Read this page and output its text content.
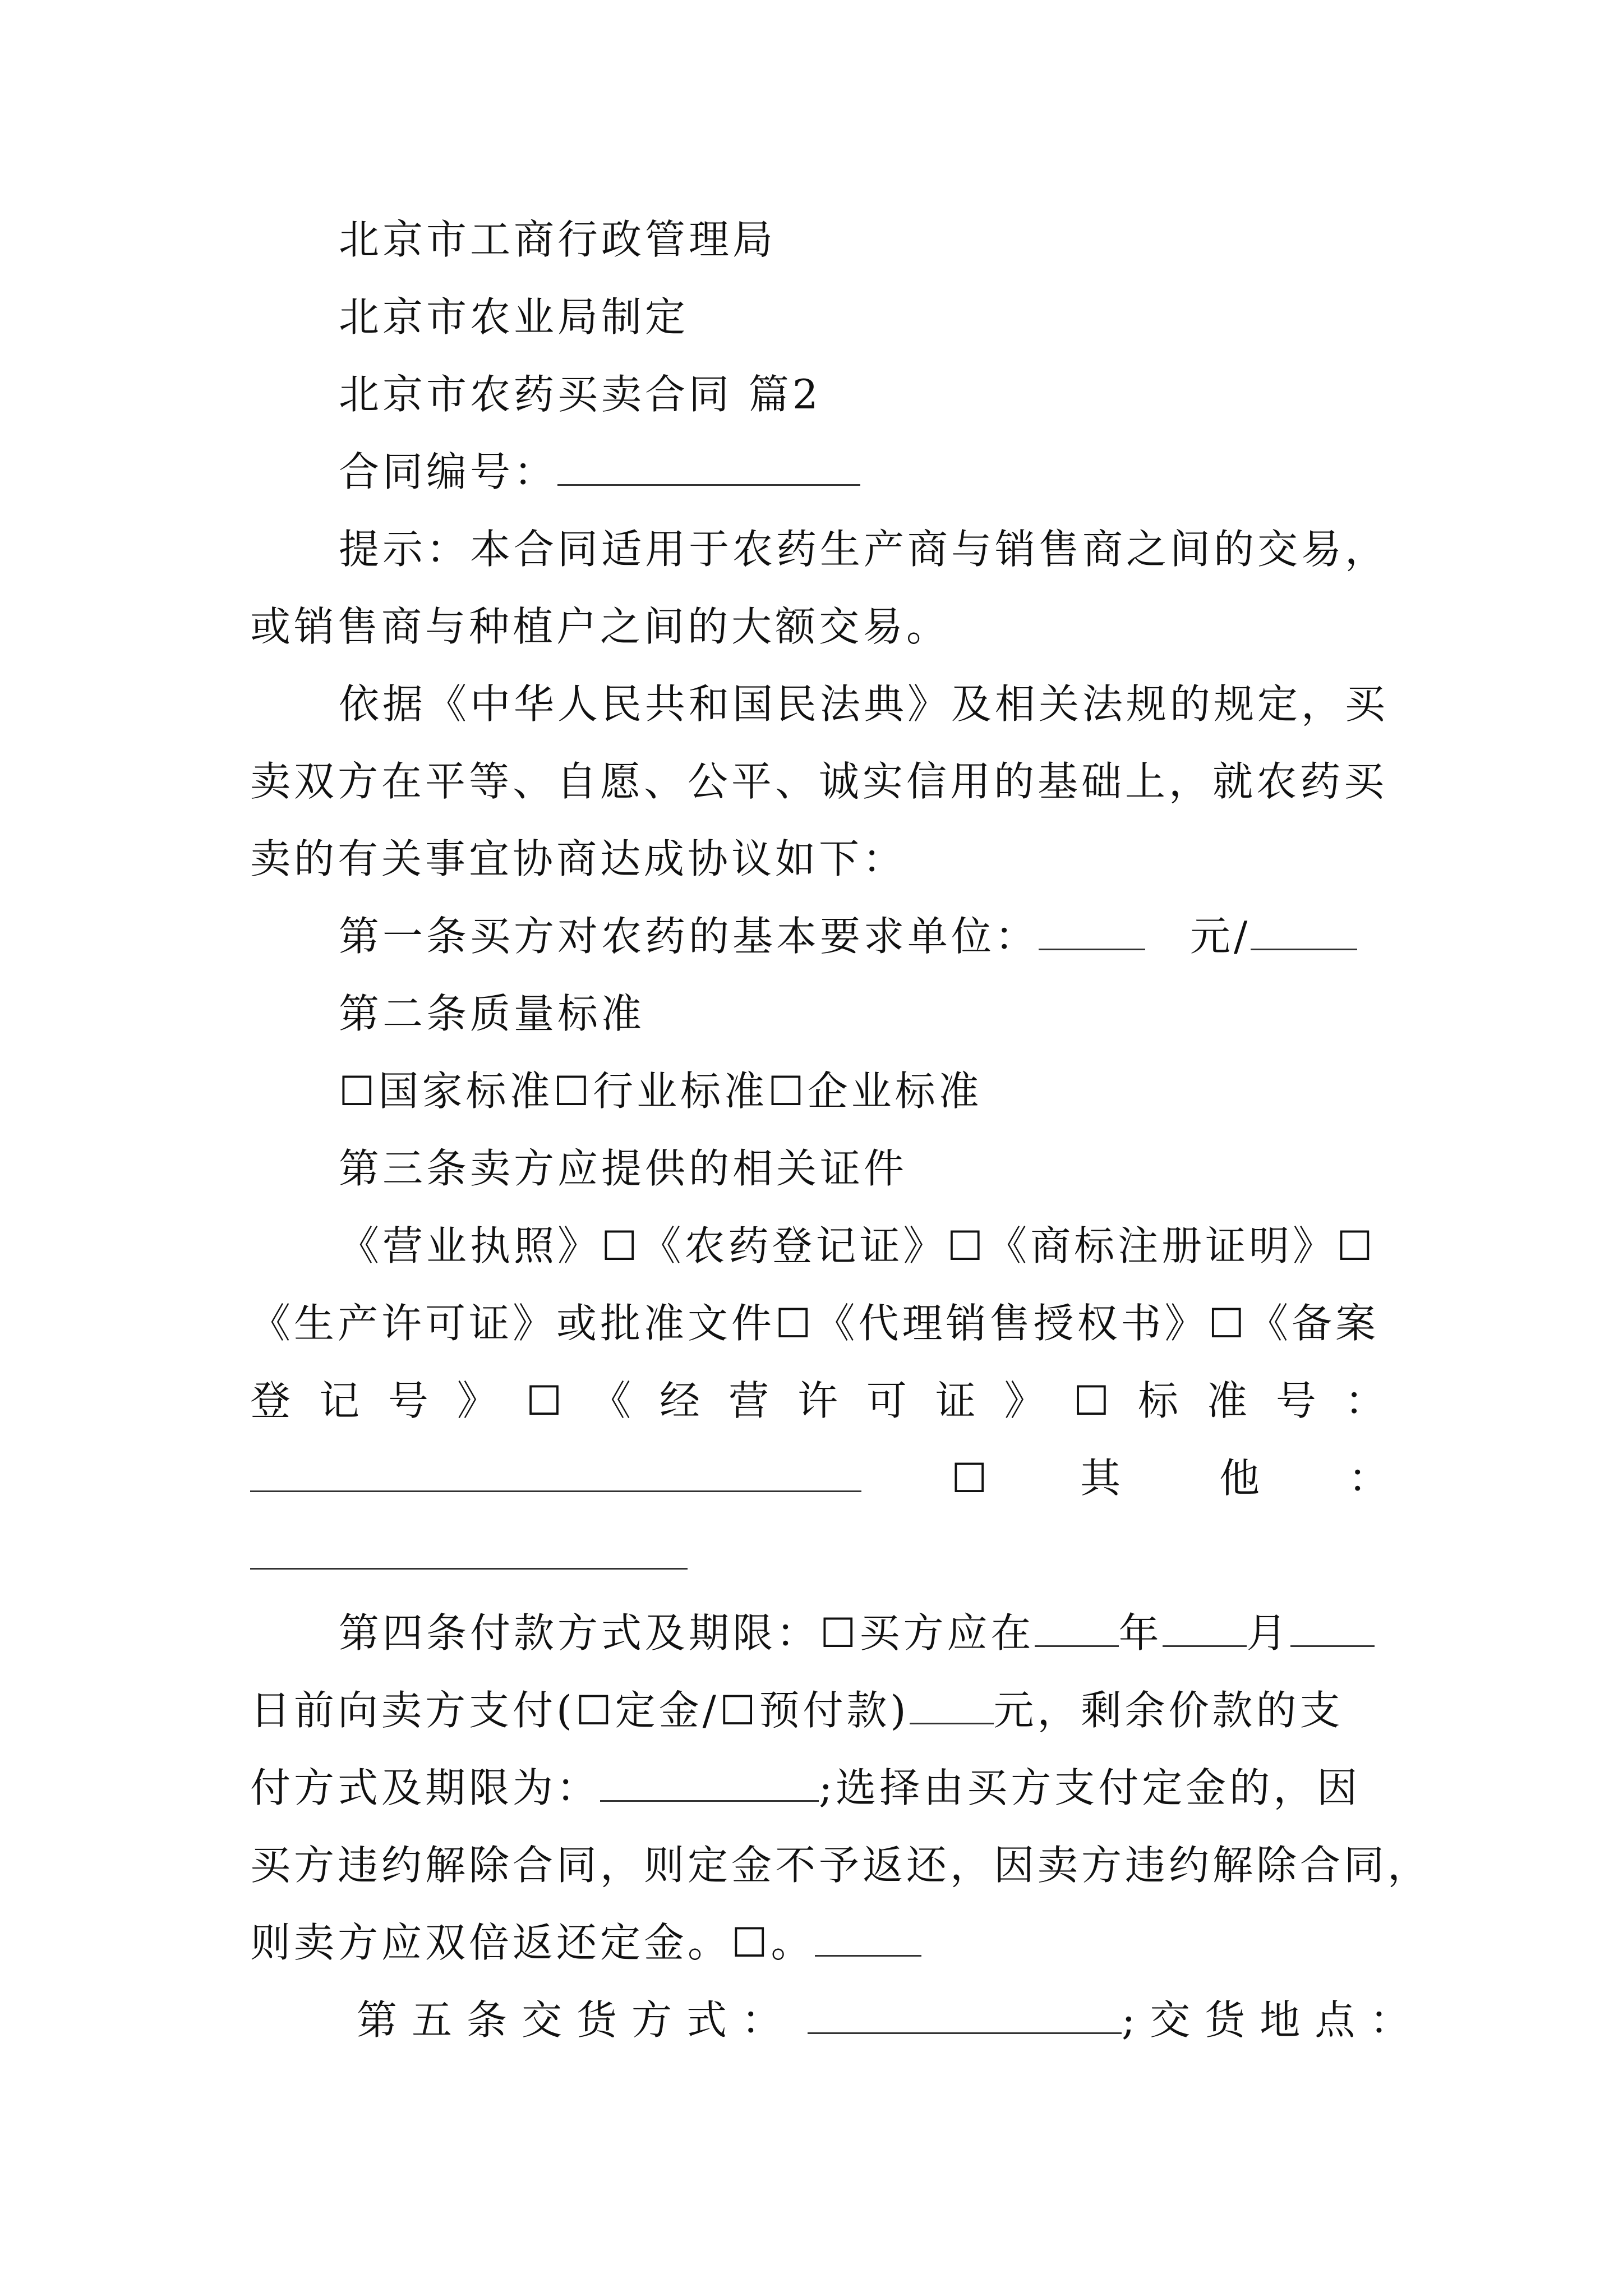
北京市工商行政管理局
北京市农业局制定
北京市农药买卖合同 篇2
合同编号：
提示：本合同适用于农药生产商与销售商之间的交易，
或销售商与种植户之间的大额交易。
依据《中华人民共和国民法典》及相关法规的规定，买
卖双方在平等、自愿、公平、诚实信用的基础上，就农药买
卖的有关事宜协商达成协议如下：
第一条买方对农药的基本要求单位：	元/
第二条质量标准
☐国家标准☐行业标准☐企业标准
第三条卖方应提供的相关证件
《营业执照》☐《农药登记证》☐《商标注册证明》☐
《生产许可证》或批准文件☐《代理销售授权书》☐《备案
登 记 号 》 ☐ 《 经 营 许 可 证 》 ☐ 标 准 号 ：
☐ 其 他 ：
第四条付款方式及期限：☐买方应在 年 月
日前向卖方支付(☐定金/☐预付款) 元，剩余价款的支
付方式及期限为：	;选择由买方支付定金的，因
买方违约解除合同，则定金不予返还，因卖方违约解除合同，
则卖方应双倍返还定金。☐。
第五条交货方式：	;交货地点：
